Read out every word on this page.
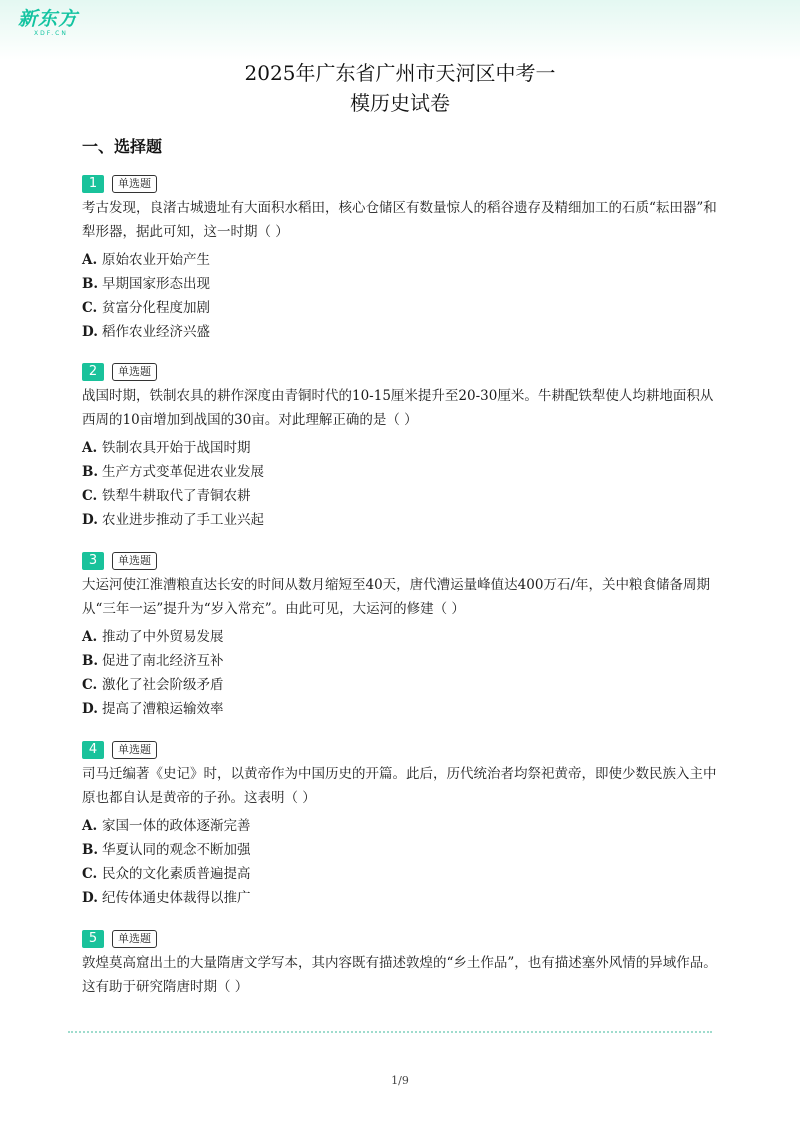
新东方
XDF.CN
2025年广东省广州市天河区中考一
模历史试卷
一、选择题
1	单选题
考古发现，良渚古城遗址有大面积水稻田，核心仓储区有数量惊人的稻谷遗存及精细加工的石质“耘田器”和犁形器，据此可知，这一时期（ ）
A. 原始农业开始产生
B. 早期国家形态出现
C. 贫富分化程度加剧
D. 稻作农业经济兴盛
2	单选题
战国时期，铁制农具的耕作深度由青铜时代的10-15厘米提升至20-30厘米。牛耕配铁犁使人均耕地面积从西周的10亩增加到战国的30亩。对此理解正确的是（ ）
A. 铁制农具开始于战国时期
B. 生产方式变革促进农业发展
C. 铁犁牛耕取代了青铜农耕
D. 农业进步推动了手工业兴起
3	单选题
大运河使江淮漕粮直达长安的时间从数月缩短至40天，唐代漕运量峰值达400万石/年，关中粮食储备周期从“三年一运”提升为“岁入常充”。由此可见，大运河的修建（ ）
A. 推动了中外贸易发展
B. 促进了南北经济互补
C. 激化了社会阶级矛盾
D. 提高了漕粮运输效率
4	单选题
司马迁编著《史记》时，以黄帝作为中国历史的开篇。此后，历代统治者均祭祀黄帝，即使少数民族入主中原也都自认是黄帝的子孙。这表明（ ）
A. 家国一体的政体逐渐完善
B. 华夏认同的观念不断加强
C. 民众的文化素质普遍提高
D. 纪传体通史体裁得以推广
5	单选题
敦煌莫高窟出土的大量隋唐文学写本，其内容既有描述敦煌的“乡土作品”，也有描述塞外风情的异域作品。这有助于研究隋唐时期（ ）
1/9
